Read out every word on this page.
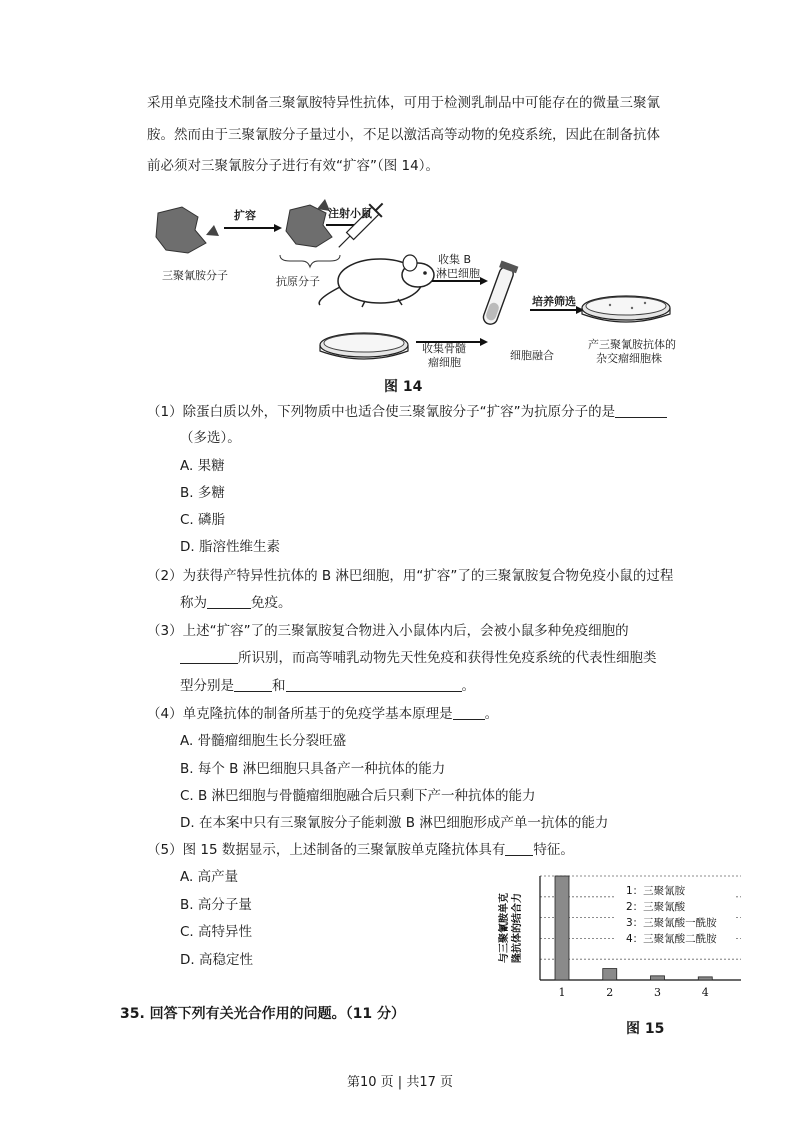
采用单克隆技术制备三聚氰胺特异性抗体，可用于检测乳制品中可能存在的微量三聚氰
胺。然而由于三聚氰胺分子量过小，不足以激活高等动物的免疫系统，因此在制备抗体
前必须对三聚氰胺分子进行有效“扩容”（图 14）。
三聚氰胺分子
扩容
抗原分子
注射小鼠
收集 B
淋巴细胞
收集骨髓
瘤细胞
细胞融合
培养筛选
产三聚氰胺抗体的
杂交瘤细胞株
图 14
（1）除蛋白质以外，下列物质中也适合使三聚氰胺分子“扩容”为抗原分子的是
（多选）。
A. 果糖
B. 多糖
C. 磷脂
D. 脂溶性维生素
（2）为获得产特异性抗体的 B 淋巴细胞，用“扩容”了的三聚氰胺复合物免疫小鼠的过程
称为	免疫。
（3）上述“扩容”了的三聚氰胺复合物进入小鼠体内后，会被小鼠多种免疫细胞的
所识别，而高等哺乳动物先天性免疫和获得性免疫系统的代表性细胞类
型分别是	和	。
（4）单克隆抗体的制备所基于的免疫学基本原理是 。
A. 骨髓瘤细胞生长分裂旺盛
B. 每个 B 淋巴细胞只具备产一种抗体的能力
C. B 淋巴细胞与骨髓瘤细胞融合后只剩下产一种抗体的能力
D. 在本案中只有三聚氰胺分子能刺激 B 淋巴细胞形成产单一抗体的能力
（5）图 15 数据显示，上述制备的三聚氰胺单克隆抗体具有 特征。
A. 高产量
B. 高分子量
C. 高特异性
D. 高稳定性	与三聚氰胺单克 隆抗体的结合力
1	2	3	4
1：三聚氰胺
2：三聚氰酸
3：三聚氰酸一酰胺
4：三聚氰酸二酰胺
图 15
35. 回答下列有关光合作用的问题。（11 分）
第10 页 | 共17 页
